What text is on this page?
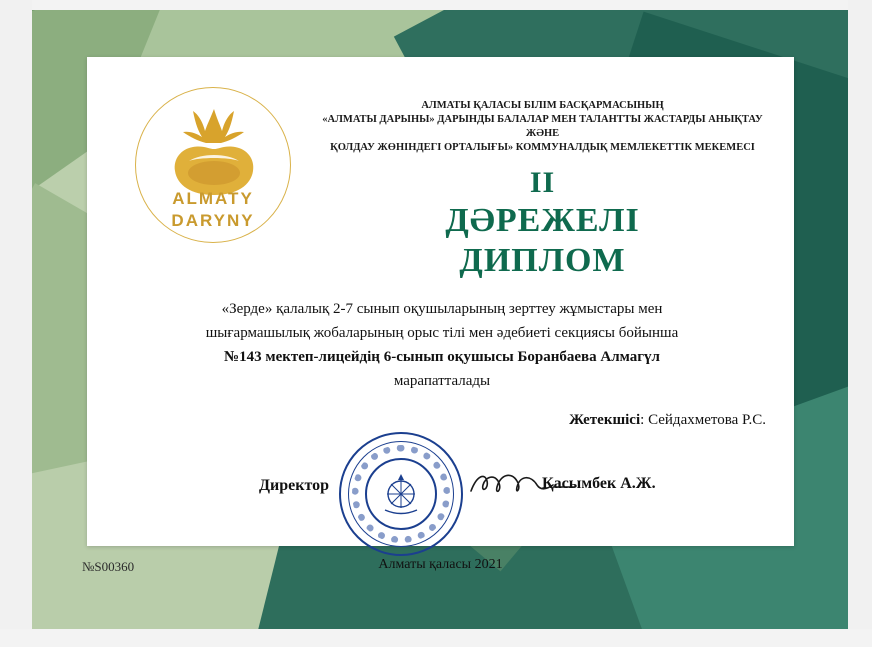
ALMATY
DARYNY
АЛМАТЫ ҚАЛАСЫ БІЛІМ БАСҚАРМАСЫНЫҢ
«АЛМАТЫ ДАРЫНЫ» ДАРЫНДЫ БАЛАЛАР МЕН ТАЛАНТТЫ ЖАСТАРДЫ АНЫҚТАУ ЖӘНЕ
ҚОЛДАУ ЖӨНІНДЕГІ ОРТАЛЫҒЫ» КОММУНАЛДЫҚ МЕМЛЕКЕТТІК МЕКЕМЕСІ
II
ДӘРЕЖЕЛІ
ДИПЛОМ
«Зерде» қалалық 2-7 сынып оқушыларының зерттеу жұмыстары мен
шығармашылық жобаларының орыс тілі мен әдебиеті секциясы бойынша
№143 мектеп-лицейдің 6-сынып оқушысы Боранбаева Алмагүл
марапатталады
Жетекшісі: Сейдахметова Р.С.
Директор	Қасымбек А.Ж.
Алматы қаласы 2021
№S00360
